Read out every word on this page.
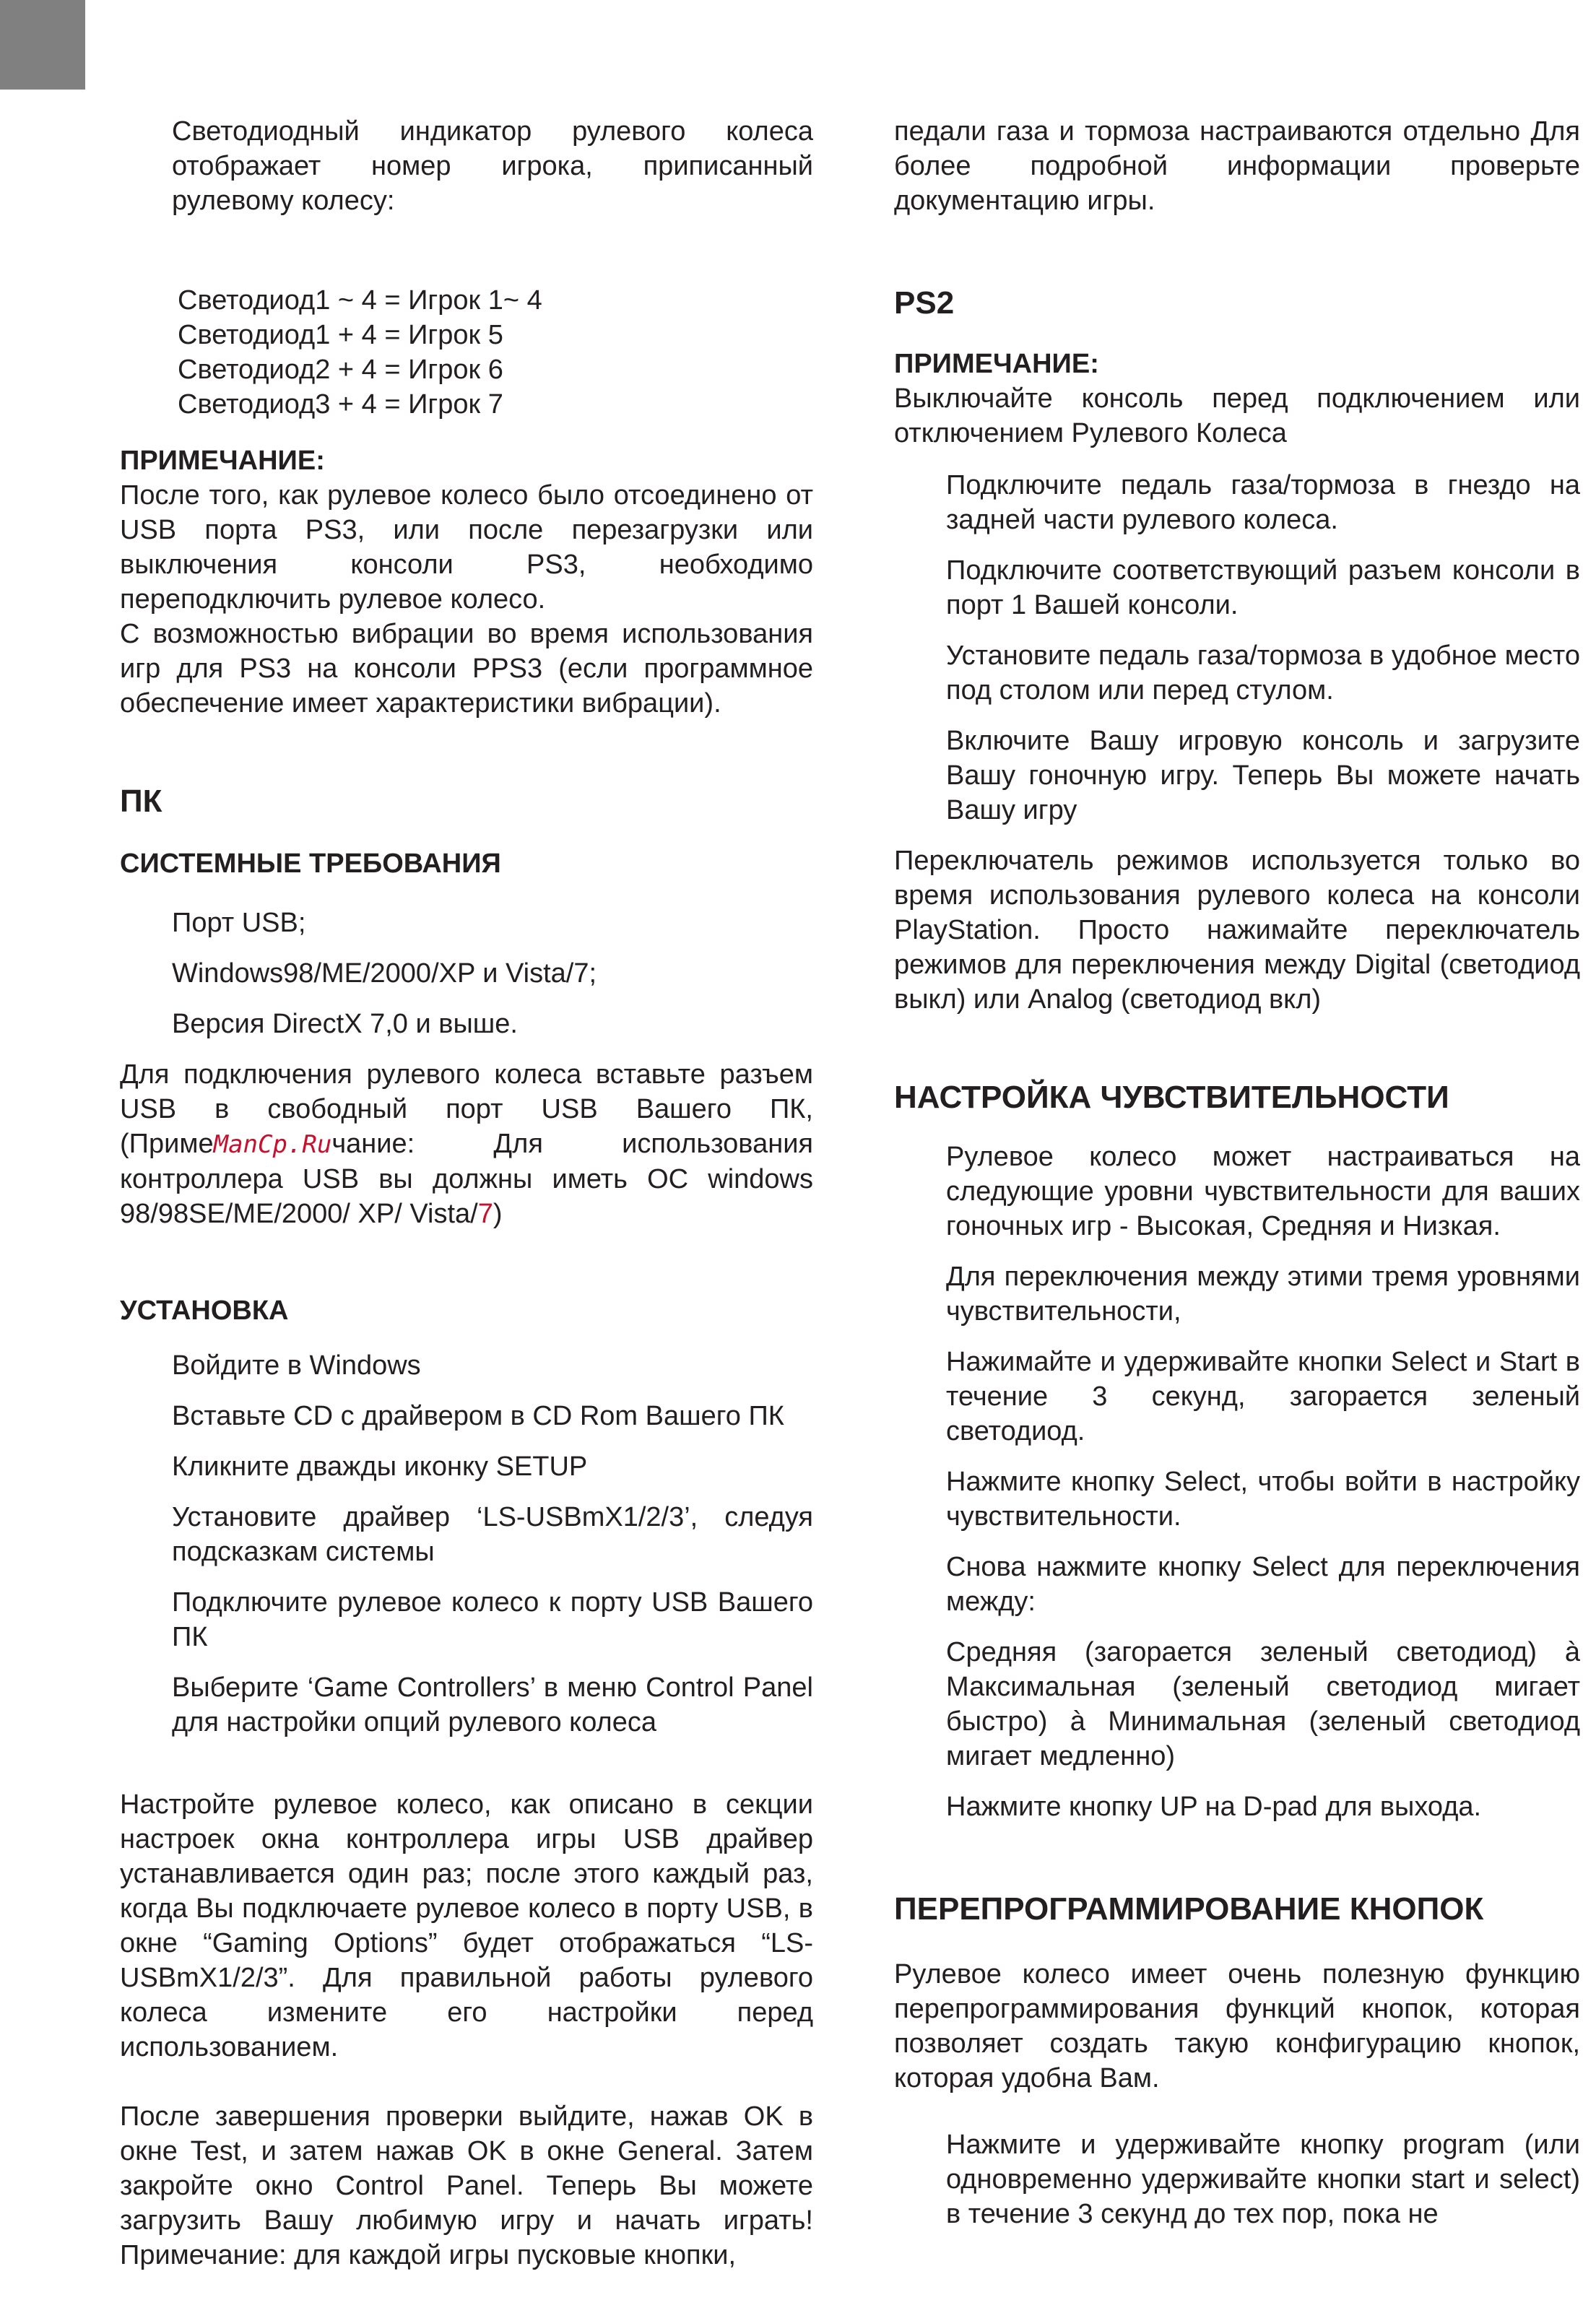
Светодиодный индикатор рулевого колеса отображает номер игрока, приписанный рулевому колесу:

Светодиод1 ~ 4 = Игрок 1~ 4

Светодиод1 + 4 = Игрок 5

Светодиод2 + 4 = Игрок 6

Светодиод3 + 4 = Игрок 7

ПРИМЕЧАНИЕ:

После того, как рулевое колесо было отсоединено от USB порта PS3, или после перезагрузки или выключения консоли PS3, необходимо переподключить рулевое колесо.

С возможностью вибрации во время использования игр для PS3 на консоли PPS3 (если программное обеспечение имеет характеристики вибрации).

ПК
СИСТЕМНЫЕ ТРЕБОВАНИЯ

Порт USB;

Windows98/ME/2000/XP и Vista/7;

Версия DirectX 7,0 и выше.

Для подключения рулевого колеса вставьте разъем USB в свободный порт USB Вашего ПК, (ПримеManCp.Ruчание: Для использования контроллера USB вы должны иметь ОС windows 98/98SE/ME/2000/ XP/ Vista/7)

УСТАНОВКА

Войдите в Windows

Вставьте CD с драйвером в CD Rom Вашего ПК

Кликните дважды иконку SETUP

Установите драйвер ‘LS-USBmX1/2/3’, следуя подсказкам системы

Подключите рулевое колесо к порту USB Вашего ПК

Выберите ‘Game Controllers’ в меню Control Panel для настройки опций рулевого колеса

Настройте рулевое колесо, как описано в секции настроек окна контроллера игры USB драйвер устанавливается один раз; после этого каждый раз, когда Вы подключаете рулевое колесо в порту USB, в окне “Gaming Options” будет отображаться “LS-USBmX1/2/3”. Для правильной работы рулевого колеса измените его настройки перед использованием.

После завершения проверки выйдите, нажав OK в окне Test, и затем нажав OK в окне General. Затем закройте окно Control Panel. Теперь Вы можете загрузить Вашу любимую игру и начать играть! Примечание: для каждой игры пусковые кнопки,

педали газа и тормоза настраиваются отдельно Для более подробной информации проверьте документацию игры.

PS2
ПРИМЕЧАНИЕ:

Выключайте консоль перед подключением или отключением Рулевого Колеса

Подключите педаль газа/тормоза в гнездо на задней части рулевого колеса.

Подключите соответствующий разъем консоли в порт 1 Вашей консоли.

Установите педаль газа/тормоза в удобное место под столом или перед стулом.

Включите Вашу игровую консоль и загрузите Вашу гоночную игру. Теперь Вы можете начать Вашу игру

Переключатель режимов используется только во время использования рулевого колеса на консоли PlayStation. Просто нажимайте переключатель режимов для переключения между Digital (светодиод выкл) или Analog (светодиод вкл)

НАСТРОЙКА ЧУВСТВИТЕЛЬНОСТИ

Рулевое колесо может настраиваться на следующие уровни чувствительности для ваших гоночных игр - Высокая, Средняя и Низкая.

Для переключения между этими тремя уровнями чувствительности,

Нажимайте и удерживайте кнопки Select и Start в течение 3 секунд, загорается зеленый светодиод.

Нажмите кнопку Select, чтобы войти в настройку чувствительности.

Снова нажмите кнопку Select для переключения между:

Средняя (загорается зеленый светодиод) à Максимальная (зеленый светодиод мигает быстро) à Минимальная (зеленый светодиод мигает медленно)

Нажмите кнопку UP на D-pad для выхода.

ПЕРЕПРОГРАММИРОВАНИЕ КНОПОК

Рулевое колесо имеет очень полезную функцию перепрограммирования функций кнопок, которая позволяет создать такую конфигурацию кнопок, которая удобна Вам.

Нажмите и удерживайте кнопку program (или одновременно удерживайте кнопки start и select) в течение 3 секунд до тех пор, пока не
